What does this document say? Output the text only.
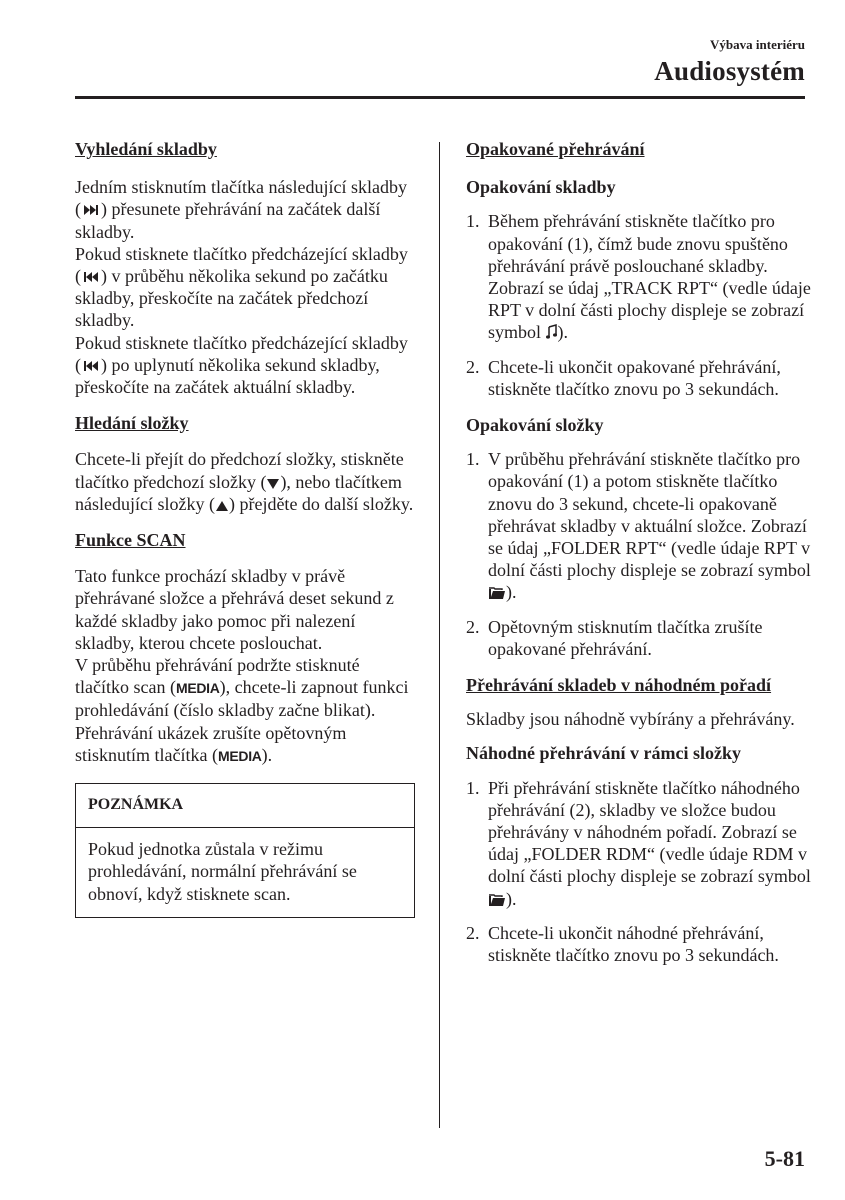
Výbava interiéru
Audiosystém
Vyhledání skladby
Jedním stisknutím tlačítka následující skladby ( ) přesunete přehrávání na začátek další skladby.
Pokud stisknete tlačítko předcházející skladby ( ) v průběhu několika sekund po začátku skladby, přeskočíte na začátek předchozí skladby.
Pokud stisknete tlačítko předcházející skladby ( ) po uplynutí několika sekund skladby, přeskočíte na začátek aktuální skladby.
Hledání složky
Chcete-li přejít do předchozí složky, stiskněte tlačítko předchozí složky ( ), nebo tlačítkem následující složky ( ) přejděte do další složky.
Funkce SCAN
Tato funkce prochází skladby v právě přehrávané složce a přehrává deset sekund z každé skladby jako pomoc při nalezení skladby, kterou chcete poslouchat.
V průběhu přehrávání podržte stisknuté tlačítko scan (MEDIA), chcete-li zapnout funkci prohledávání (číslo skladby začne blikat). Přehrávání ukázek zrušíte opětovným stisknutím tlačítka (MEDIA).
POZNÁMKA
Pokud jednotka zůstala v režimu prohledávání, normální přehrávání se obnoví, když stisknete scan.
Opakované přehrávání
Opakování skladby
1. Během přehrávání stiskněte tlačítko pro opakování (1), čímž bude znovu spuštěno přehrávání právě poslouchané skladby. Zobrazí se údaj „TRACK RPT“ (vedle údaje RPT v dolní části plochy displeje se zobrazí symbol
).
2. Chcete-li ukončit opakované přehrávání, stiskněte tlačítko znovu po 3 sekundách.
Opakování složky
1. V průběhu přehrávání stiskněte tlačítko pro opakování (1) a potom stiskněte tlačítko znovu do 3 sekund, chcete-li opakovaně přehrávat skladby v aktuální složce. Zobrazí se údaj „FOLDER RPT“ (vedle údaje RPT v dolní části plochy displeje se zobrazí symbol
).
2. Opětovným stisknutím tlačítka zrušíte opakované přehrávání.
Přehrávání skladeb v náhodném pořadí
Skladby jsou náhodně vybírány a přehrávány.
Náhodné přehrávání v rámci složky
1. Při přehrávání stiskněte tlačítko náhodného přehrávání (2), skladby ve složce budou přehrávány v náhodném pořadí. Zobrazí se údaj „FOLDER RDM“ (vedle údaje RDM v dolní části plochy displeje se zobrazí symbol
).
2. Chcete-li ukončit náhodné přehrávání, stiskněte tlačítko znovu po 3 sekundách.
5-81
